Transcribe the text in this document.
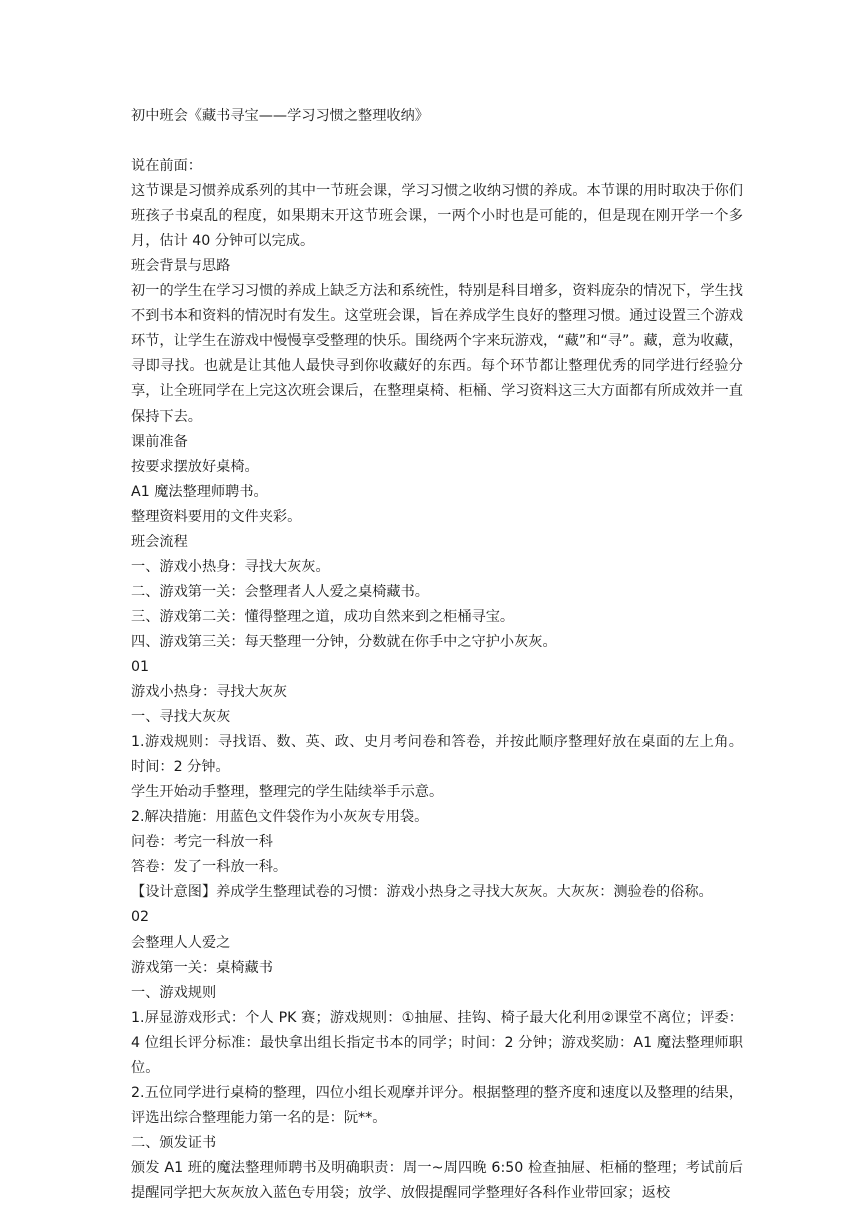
初中班会《藏书寻宝——学习习惯之整理收纳》

说在前面：

这节课是习惯养成系列的其中一节班会课，学习习惯之收纳习惯的养成。本节课的用时取决于你们班孩子书桌乱的程度，如果期末开这节班会课，一两个小时也是可能的，但是现在刚开学一个多月，估计 40 分钟可以完成。

班会背景与思路

初一的学生在学习习惯的养成上缺乏方法和系统性，特别是科目增多，资料庞杂的情况下，学生找不到书本和资料的情况时有发生。这堂班会课，旨在养成学生良好的整理习惯。通过设置三个游戏环节，让学生在游戏中慢慢享受整理的快乐。围绕两个字来玩游戏，“藏”和“寻”。藏，意为收藏，寻即寻找。也就是让其他人最快寻到你收藏好的东西。每个环节都让整理优秀的同学进行经验分享，让全班同学在上完这次班会课后，在整理桌椅、柜桶、学习资料这三大方面都有所成效并一直保持下去。

课前准备

按要求摆放好桌椅。

A1 魔法整理师聘书。

整理资料要用的文件夹彩。

班会流程

一、游戏小热身：寻找大灰灰。

二、游戏第一关：会整理者人人爱之桌椅藏书。

三、游戏第二关：懂得整理之道，成功自然来到之柜桶寻宝。

四、游戏第三关：每天整理一分钟，分数就在你手中之守护小灰灰。

01

游戏小热身：寻找大灰灰

一、寻找大灰灰

1.游戏规则：寻找语、数、英、政、史月考问卷和答卷，并按此顺序整理好放在桌面的左上角。 时间：2 分钟。

学生开始动手整理，整理完的学生陆续举手示意。

2.解决措施：用蓝色文件袋作为小灰灰专用袋。

问卷：考完一科放一科

答卷：发了一科放一科。

【设计意图】养成学生整理试卷的习惯：游戏小热身之寻找大灰灰。大灰灰：测验卷的俗称。

02

会整理人人爱之

游戏第一关：桌椅藏书

一、游戏规则

1.屏显游戏形式：个人 PK 赛；游戏规则：①抽屉、挂钩、椅子最大化利用②课堂不离位；评委：4 位组长评分标准：最快拿出组长指定书本的同学；时间：2 分钟；游戏奖励：A1 魔法整理师职位。

2.五位同学进行桌椅的整理，四位小组长观摩并评分。根据整理的整齐度和速度以及整理的结果，评选出综合整理能力第一名的是：阮**。

二、颁发证书

颁发 A1 班的魔法整理师聘书及明确职责：周一~周四晚 6:50 检查抽屉、柜桶的整理；考试前后提醒同学把大灰灰放入蓝色专用袋；放学、放假提醒同学整理好各科作业带回家；返校
